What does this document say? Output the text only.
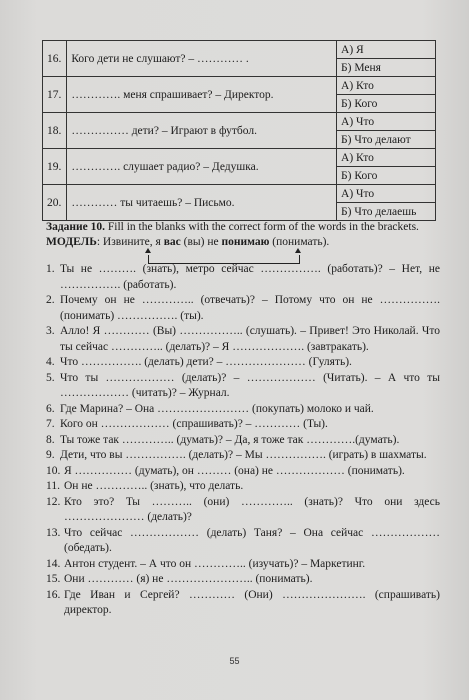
16.	Кого дети не слушают? – ………… .	А) Я
		Б) Меня
17.	…………. меня спрашивает? – Директор.	А) Кто
		Б) Кого
18.	…………… дети? – Играют в футбол.	А) Что
		Б) Что делают
19.	…………. слушает радио? – Дедушка.	А) Кто
		Б) Кого
20.	………… ты читаешь? – Письмо.	А) Что
		Б) Что делаешь
Задание 10. Fill in the blanks with the correct form of the words in the brackets.
МОДЕЛЬ: Извините, я вас (вы) не понимаю (понимать).
1. Ты не ………. (знать), метро сейчас ……………. (работать)? – Нет, не ……………. (работать).
2. Почему он не ………….. (отвечать)? – Потому что он не ……………. (понимать) ……………. (ты).
3. Алло! Я ………… (Вы) …………….. (слушать). – Привет! Это Николай. Что ты сейчас ………….. (делать)? – Я ………………. (завтракать).
4. Что ……………. (делать) дети? – ………………… (Гулять).
5. Что ты ……………… (делать)? – ……………… (Читать). – А что ты ……………… (читать)? – Журнал.
6. Где Марина? – Она …………………… (покупать) молоко и чай.
7. Кого он ……………… (спрашивать)? – ………… (Ты).
8. Ты тоже так ………….. (думать)? – Да, я тоже так ………….(думать).
9. Дети, что вы ……………. (делать)? – Мы ……………. (играть) в шахматы.
10. Я …………… (думать), он ……… (она) не ……………… (понимать).
11. Он не ………….. (знать), что делать.
12. Кто это? Ты ……….. (они) ………….. (знать)? Что они здесь ………………… (делать)?
13. Что сейчас ……………… (делать) Таня? – Она сейчас ……………… (обедать).
14. Антон студент. – А что он ………….. (изучать)? – Маркетинг.
15. Они ………… (я) не ………………….. (понимать).
16. Где Иван и Сергей? ………… (Они) …………………. (спрашивать) директор.
55
